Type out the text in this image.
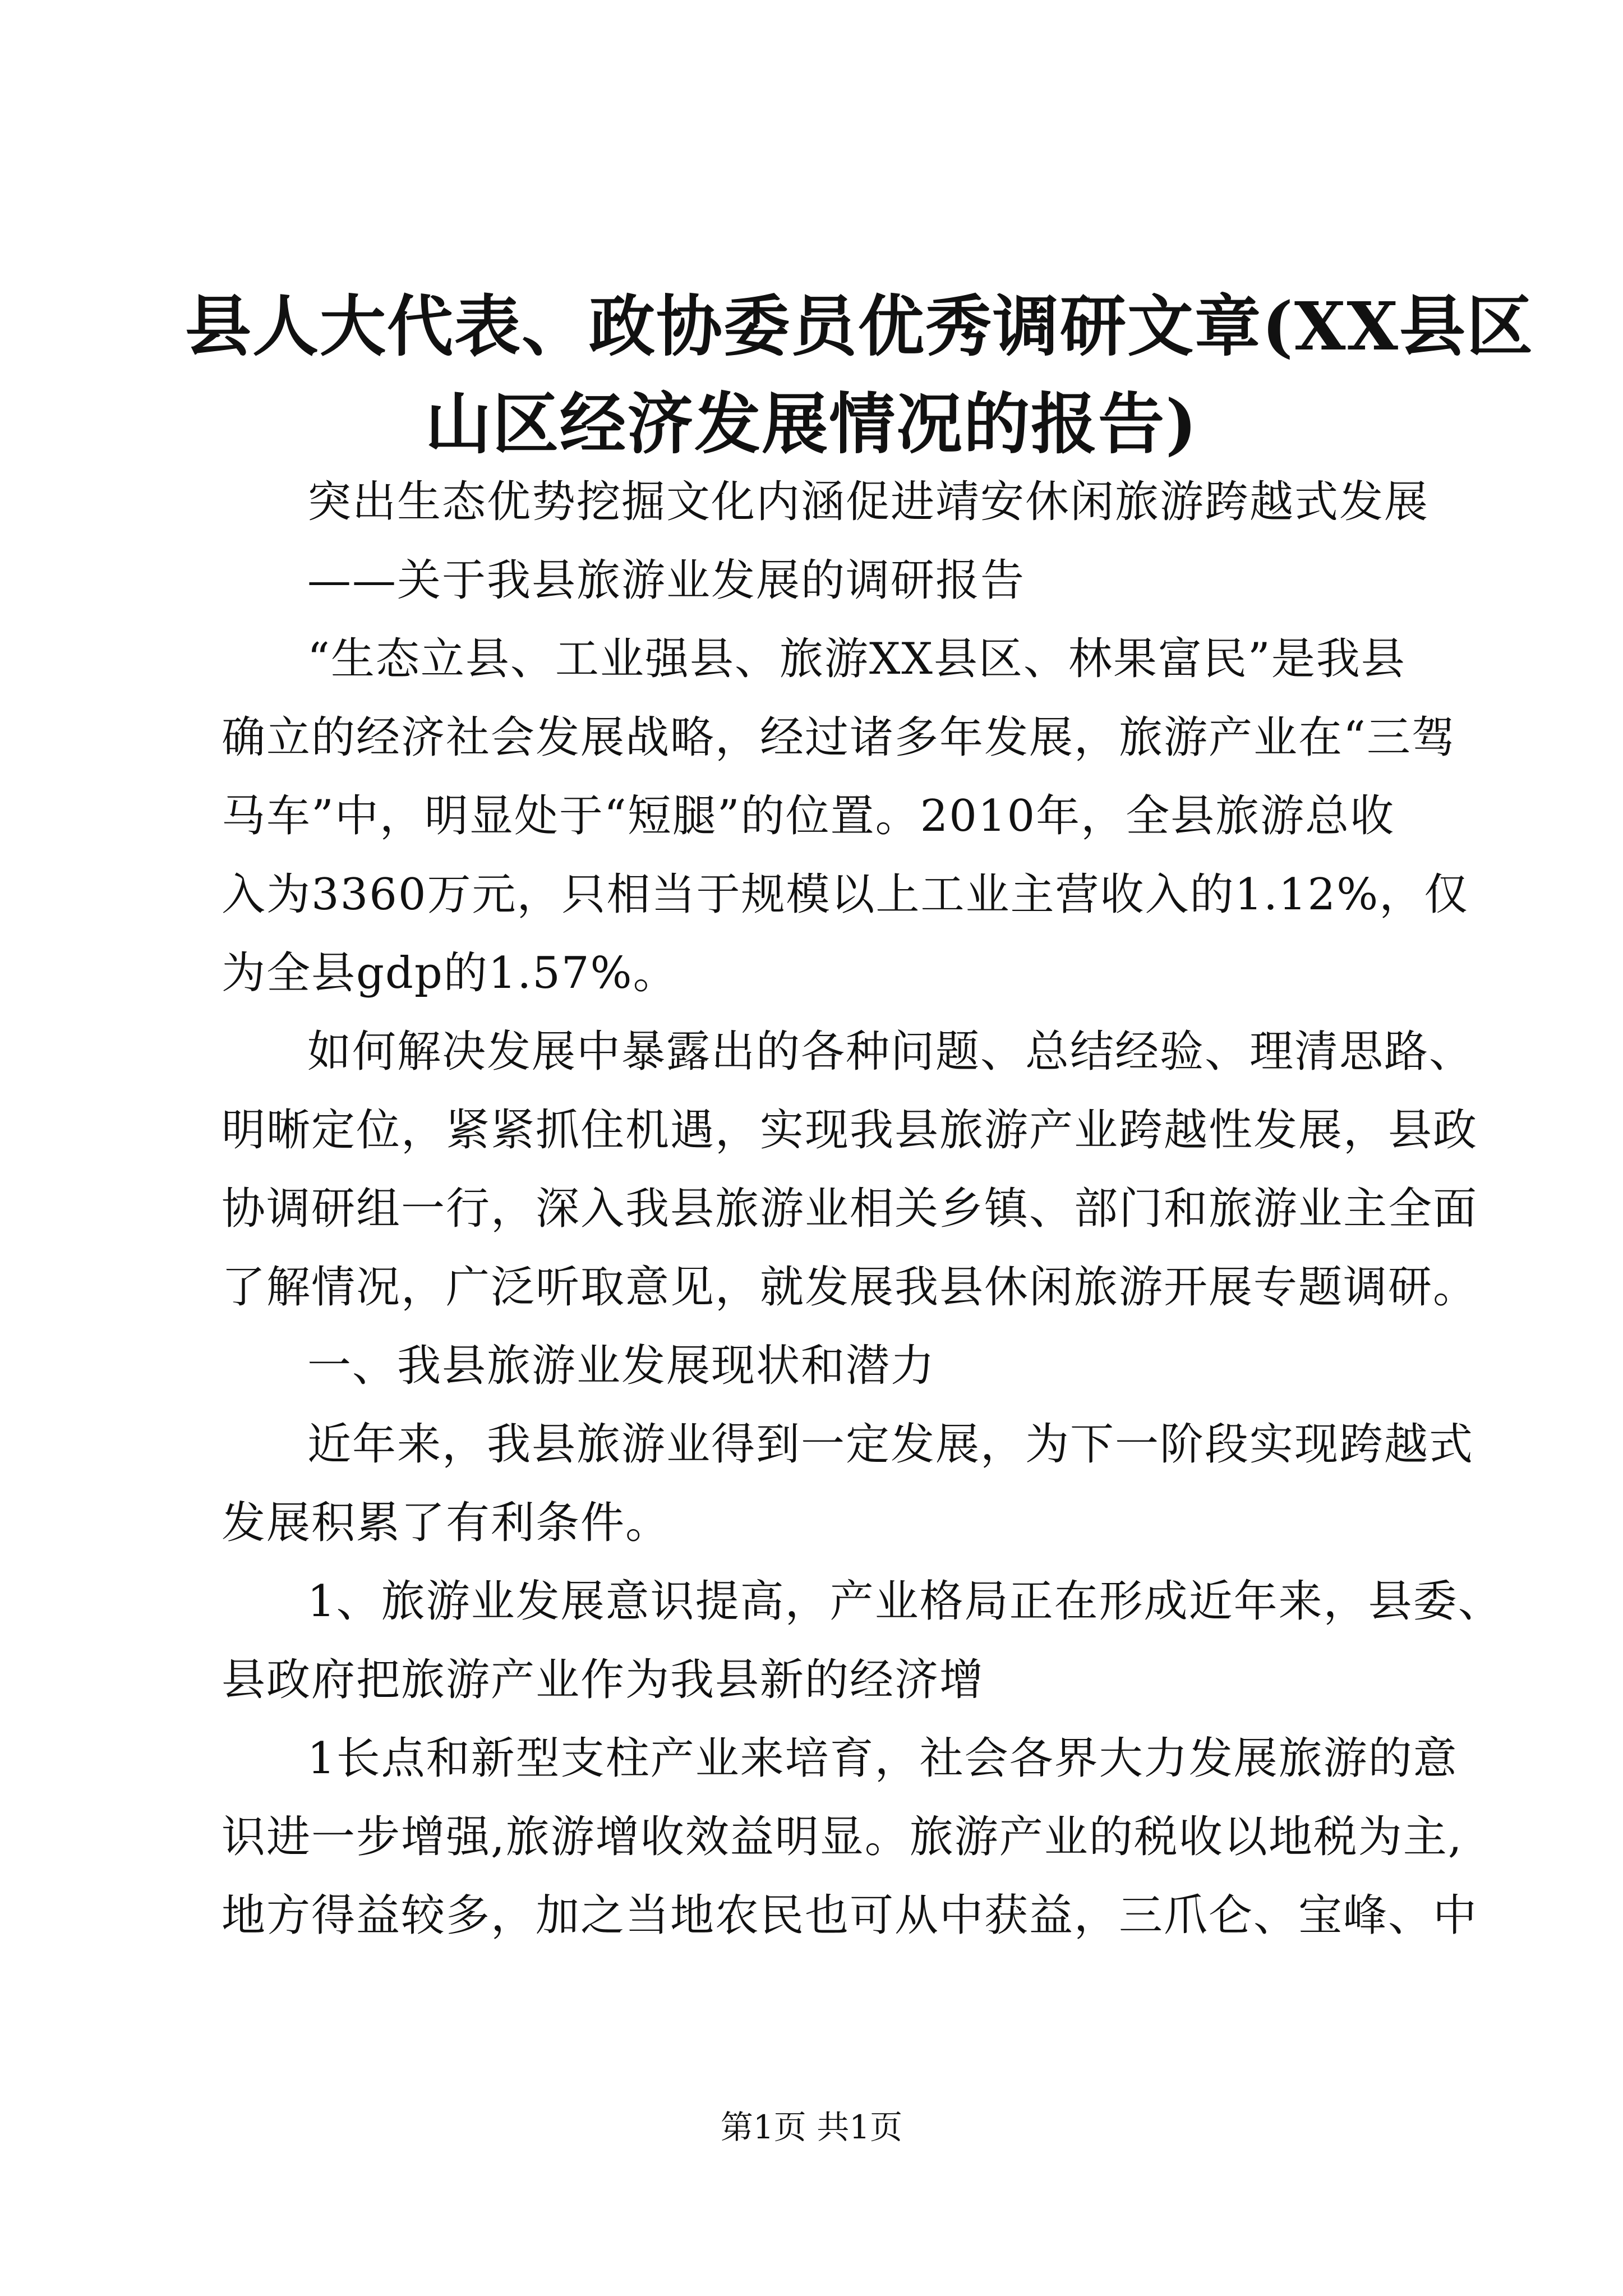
县人大代表、政协委员优秀调研文章(XX县区
山区经济发展情况的报告)
突出生态优势挖掘文化内涵促进靖安休闲旅游跨越式发展
——关于我县旅游业发展的调研报告
“生态立县、工业强县、旅游XX县区、林果富民”是我县
确立的经济社会发展战略，经过诸多年发展，旅游产业在“三驾
马车”中，明显处于“短腿”的位置。2010年，全县旅游总收
入为3360万元，只相当于规模以上工业主营收入的1.12%，仅
为全县gdp的1.57%。
如何解决发展中暴露出的各种问题、总结经验、理清思路、
明晰定位，紧紧抓住机遇，实现我县旅游产业跨越性发展，县政
协调研组一行，深入我县旅游业相关乡镇、部门和旅游业主全面
了解情况，广泛听取意见，就发展我县休闲旅游开展专题调研。
一、我县旅游业发展现状和潜力
近年来，我县旅游业得到一定发展，为下一阶段实现跨越式
发展积累了有利条件。
1、旅游业发展意识提高，产业格局正在形成近年来，县委、
县政府把旅游产业作为我县新的经济增
1长点和新型支柱产业来培育，社会各界大力发展旅游的意
识进一步增强,旅游增收效益明显。旅游产业的税收以地税为主,
地方得益较多，加之当地农民也可从中获益，三爪仑、宝峰、中
第1页 共1页
